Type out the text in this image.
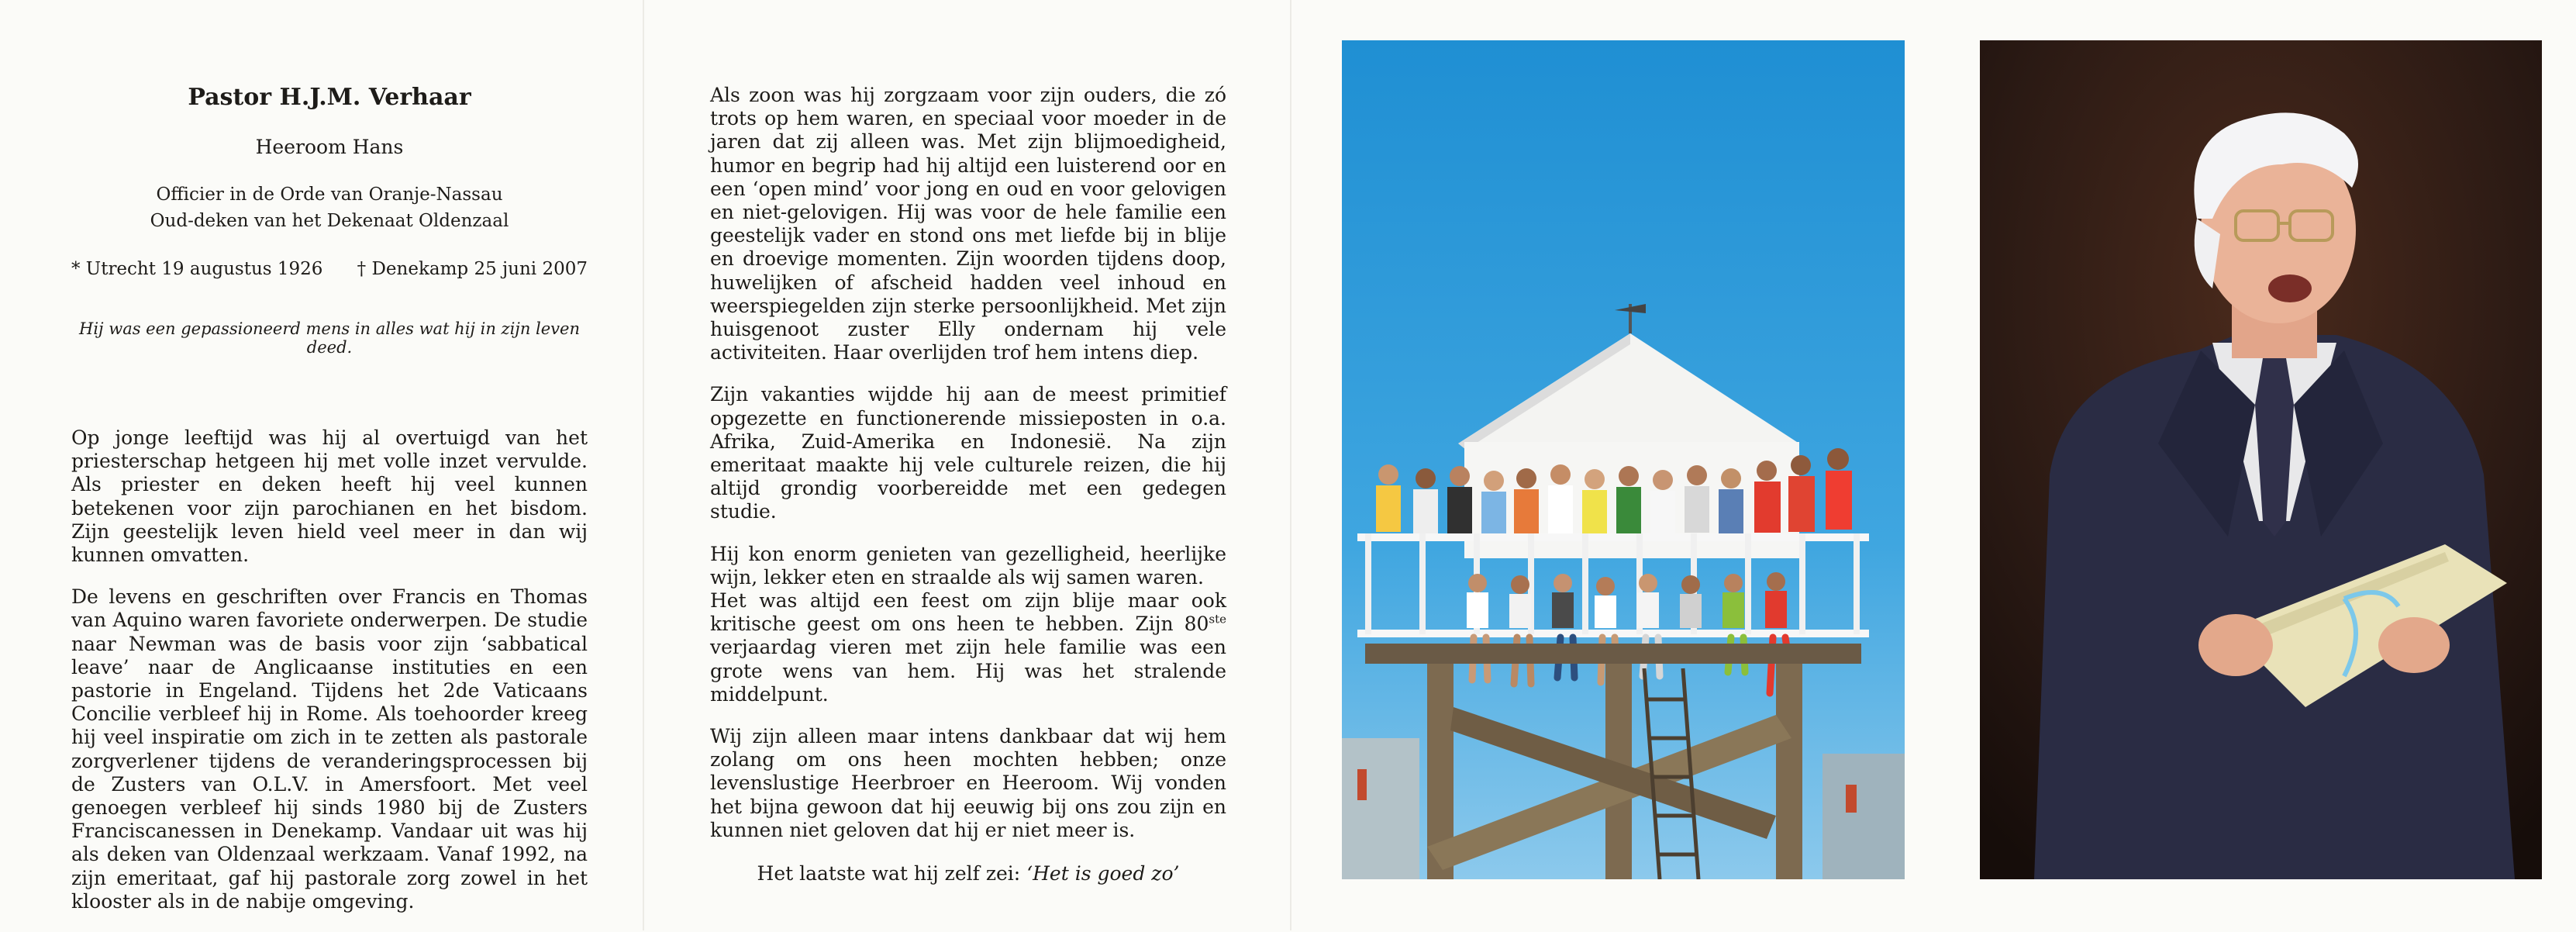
Pastor H.J.M. Verhaar
Heeroom Hans

Officier in de Orde van Oranje-Nassau

Oud-deken van het Dekenaat Oldenzaal

* Utrecht 19 augustus 1926 † Denekamp 25 juni 2007
Hij was een gepassioneerd mens in alles wat hij in zijn leven deed.

Op jonge leeftijd was hij al overtuigd van het priesterschap hetgeen hij met volle inzet vervulde. Als priester en deken heeft hij veel kunnen betekenen voor zijn parochianen en het bisdom. Zijn geestelijk leven hield veel meer in dan wij kunnen omvatten.

De levens en geschriften over Francis en Thomas van Aquino waren favoriete onderwerpen. De studie naar Newman was de basis voor zijn ‘sabbatical leave’ naar de Anglicaanse instituties en een pastorie in Engeland. Tijdens het 2de Vaticaans Concilie verbleef hij in Rome. Als toehoorder kreeg hij veel inspiratie om zich in te zetten als pastorale zorgverlener tijdens de veranderingsprocessen bij de Zusters van O.L.V. in Amersfoort. Met veel genoegen verbleef hij sinds 1980 bij de Zusters Franciscanessen in Denekamp. Vandaar uit was hij als deken van Oldenzaal werkzaam. Vanaf 1992, na zijn emeritaat, gaf hij pastorale zorg zowel in het klooster als in de nabije omgeving.

Als zoon was hij zorgzaam voor zijn ouders, die zó trots op hem waren, en speciaal voor moeder in de jaren dat zij alleen was. Met zijn blijmoedigheid, humor en begrip had hij altijd een luisterend oor en een ‘open mind’ voor jong en oud en voor gelovigen en niet-gelovigen. Hij was voor de hele familie een geestelijk vader en stond ons met liefde bij in blije en droevige momenten. Zijn woorden tijdens doop, huwelijken of afscheid hadden veel inhoud en weerspiegelden zijn sterke persoonlijkheid. Met zijn huisgenoot zuster Elly ondernam hij vele activiteiten. Haar overlijden trof hem intens diep.

Zijn vakanties wijdde hij aan de meest primitief opgezette en functionerende missieposten in o.a. Afrika, Zuid-Amerika en Indonesië. Na zijn emeritaat maakte hij vele culturele reizen, die hij altijd grondig voorbereidde met een gedegen studie.

Hij kon enorm genieten van gezelligheid, heerlijke wijn, lekker eten en straalde als wij samen waren.

Het was altijd een feest om zijn blije maar ook kritische geest om ons heen te hebben. Zijn 80ste verjaardag vieren met zijn hele familie was een grote wens van hem. Hij was het stralende middelpunt.

Wij zijn alleen maar intens dankbaar dat wij hem zolang om ons heen mochten hebben; onze levenslustige Heerbroer en Heeroom. Wij vonden het bijna gewoon dat hij eeuwig bij ons zou zijn en kunnen niet geloven dat hij er niet meer is.

Het laatste wat hij zelf zei: ‘Het is goed zo’
